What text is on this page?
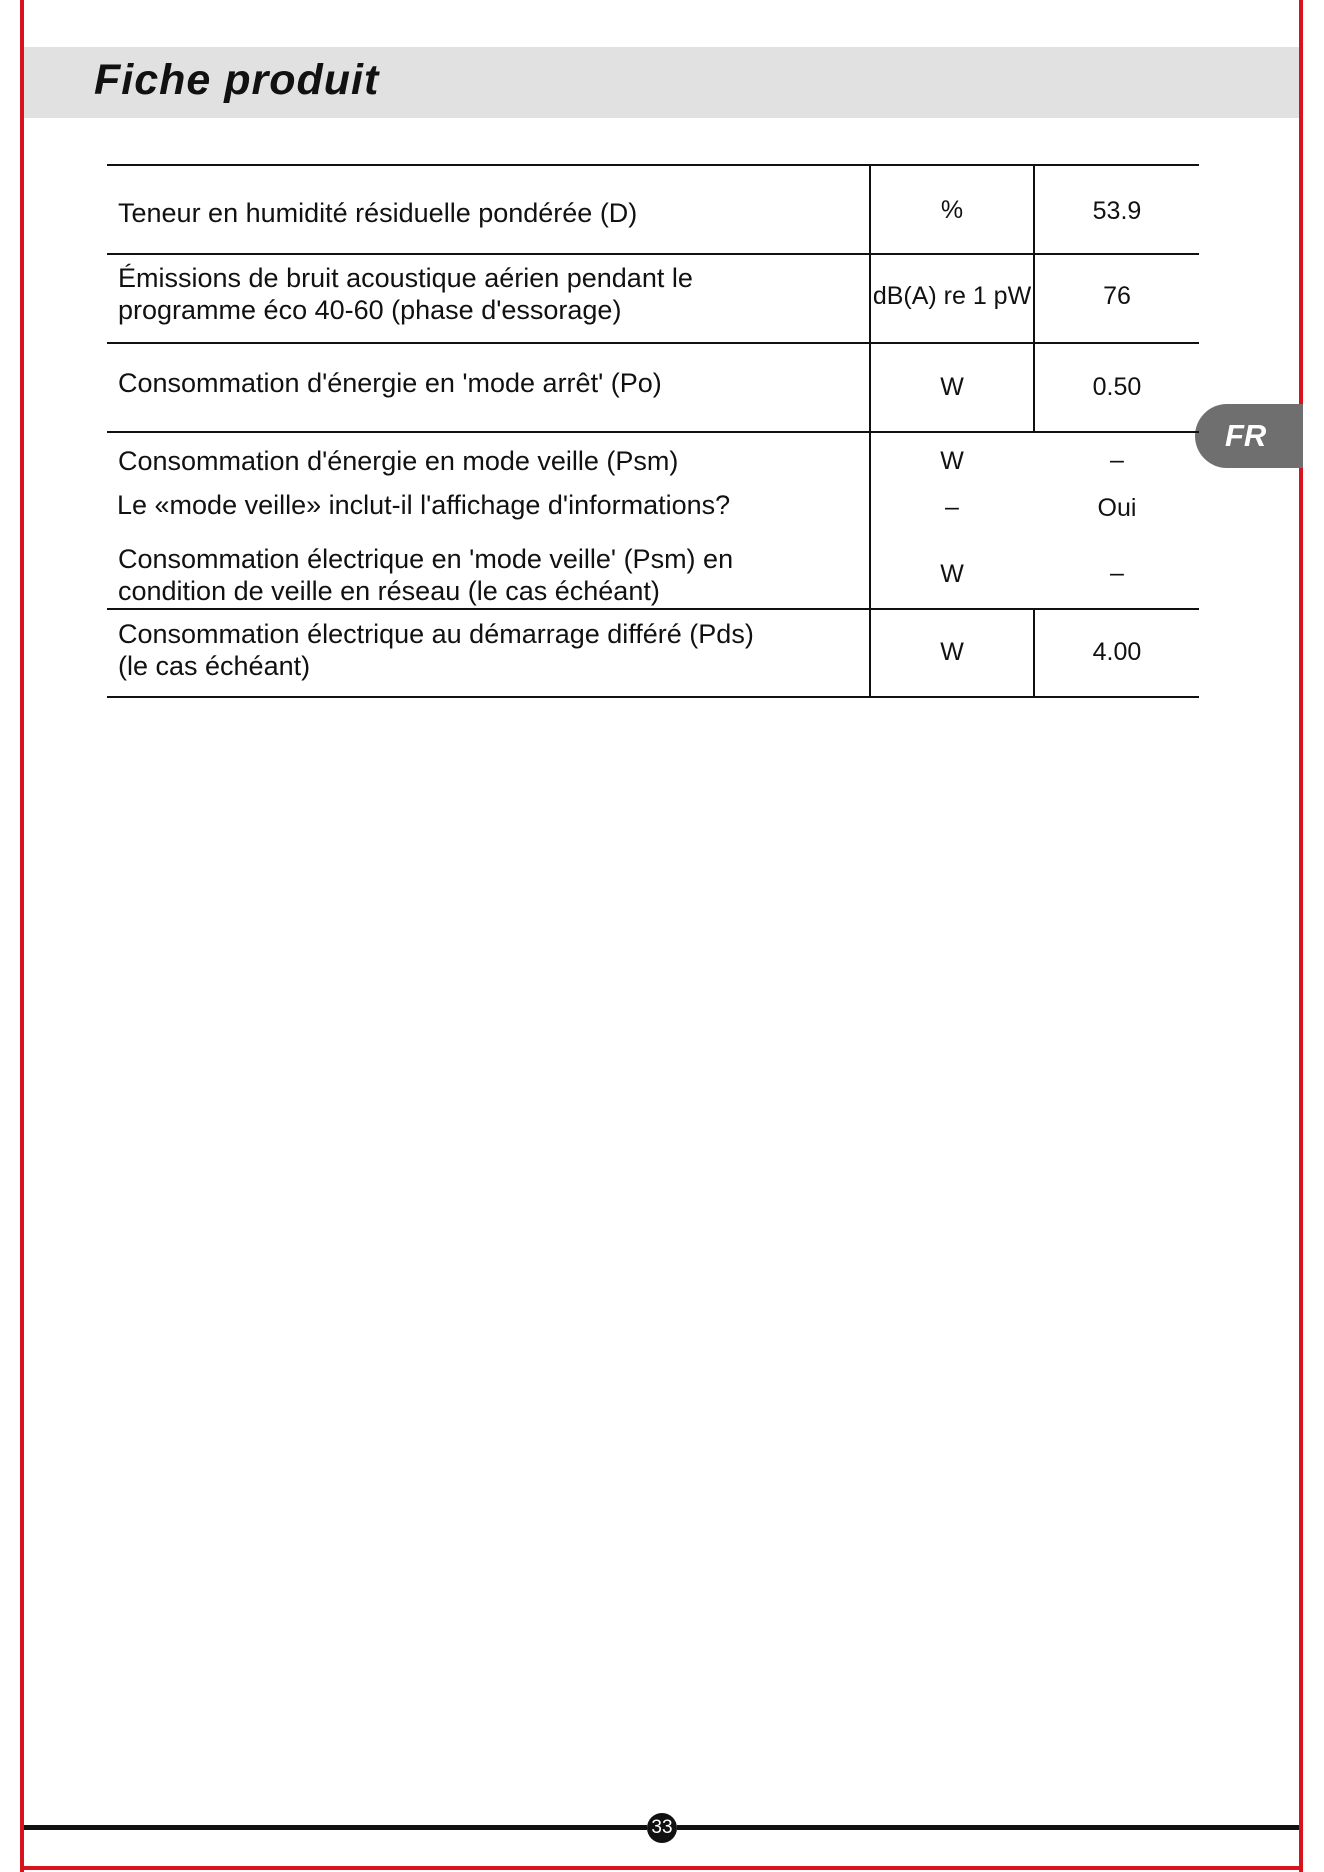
Fiche produit
FR
Teneur en humidité résiduelle pondérée (D)	%	53.9
Émissions de bruit acoustique aérien pendant le
programme éco 40-60 (phase d'essorage)	dB(A) re 1 pW	76
Consommation d'énergie en 'mode arrêt' (Po)	W	0.50
Consommation d'énergie en mode veille (Psm)	W	–
Le «mode veille» inclut-il l'affichage d'informations?	–	Oui
Consommation électrique en 'mode veille' (Psm) en
condition de veille en réseau (le cas échéant)
W	–
Consommation électrique au démarrage différé (Pds)
(le cas échéant)	W	4.00
33
